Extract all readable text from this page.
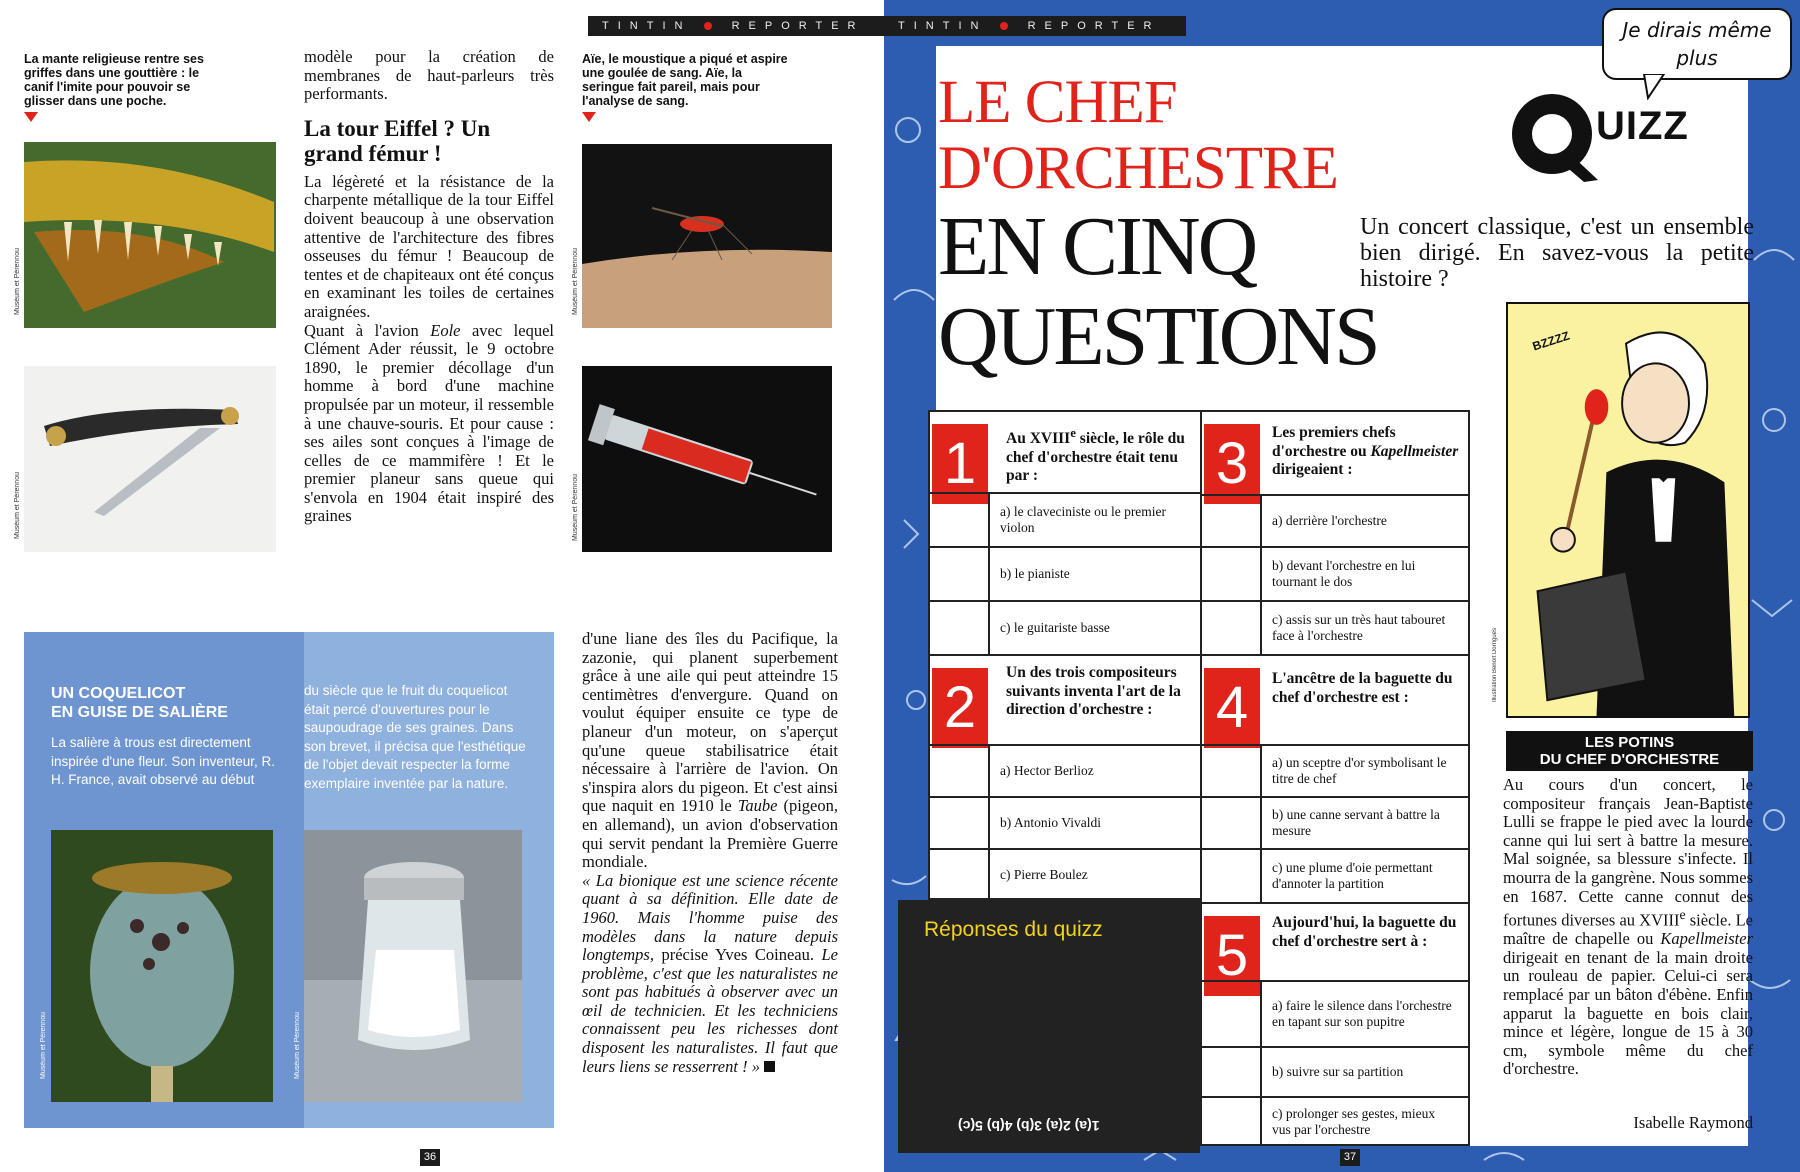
TINTIN	REPORTER
La mante religieuse rentre ses griffes dans une gouttière : le canif l'imite pour pouvoir se glisser dans une poche.
Muséum et Pérennou
Muséum et Pérennou

modèle pour la création de membranes de haut-parleurs très performants.

La tour Eiffel ? Un grand fémur !

La légèreté et la résistance de la charpente métallique de la tour Eiffel doivent beaucoup à une observation attentive de l'architecture des fibres osseuses du fémur ! Beaucoup de tentes et de chapiteaux ont été conçus en examinant les toiles de certaines araignées.

Quant à l'avion Eole avec lequel Clément Ader réussit, le 9 octobre 1890, le premier décollage d'un homme à bord d'une machine propulsée par un moteur, il ressemble à une chauve-souris. Et pour cause : ses ailes sont conçues à l'image de celles de ce mammifère ! Et le premier planeur sans queue qui s'envola en 1904 était inspiré des graines

Aïe, le moustique a piqué et aspire une goulée de sang. Aïe, la seringue fait pareil, mais pour l'analyse de sang.
Muséum et Pérennou
Muséum et Pérennou

d'une liane des îles du Pacifique, la zazonie, qui planent superbement grâce à une aile qui peut atteindre 15 centimètres d'envergure. Quand on voulut équiper ensuite ce type de planeur d'un moteur, on s'aperçut qu'une queue stabilisatrice était nécessaire à l'arrière de l'avion. On s'inspira alors du pigeon. Et c'est ainsi que naquit en 1910 le Taube (pigeon, en allemand), un avion d'observation qui servit pendant la Première Guerre mondiale.

« La bionique est une science récente quant à sa définition. Elle date de 1960. Mais l'homme puise des modèles dans la nature depuis longtemps, précise Yves Coineau. Le problème, c'est que les naturalistes ne sont pas habitués à observer avec un œil de technicien. Et les techniciens connaissent peu les richesses dont disposent les naturalistes. Il faut que leurs liens se resserrent ! »

UN COQUELICOT
EN GUISE DE SALIÈRE
La salière à trous est directement inspirée d'une fleur. Son inventeur, R. H. France, avait observé au début
du siècle que le fruit du coquelicot était percé d'ouvertures pour le saupoudrage de ses graines. Dans son brevet, il précisa que l'esthétique de l'objet devait respecter la forme exemplaire inventée par la nature.
Muséum et Pérennou	Muséum et Pérennou
36
TINTIN	REPORTER
LE CHEF
D'ORCHESTRE
EN CINQ
QUESTIONS
Je dirais même plus
UIZZ
Un concert classique, c'est un ensemble bien dirigé. En savez-vous la petite histoire ?
BZZZZ
Illustration Benoît Dorrigues
LES POTINS
DU CHEF D'ORCHESTRE
Au cours d'un concert, le compositeur français Jean-Baptiste Lulli se frappe le pied avec la lourde canne qui lui sert à battre la mesure. Mal soignée, sa blessure s'infecte. Il mourra de la gangrène. Nous sommes en 1687. Cette canne connut des fortunes diverses au XVIIIe siècle. Le maître de chapelle ou Kapellmeister dirigeait en tenant de la main droite un rouleau de papier. Celui-ci sera remplacé par un bâton d'ébène. Enfin apparut la baguette en bois clair, mince et légère, longue de 15 à 30 cm, symbole même du chef d'orchestre.
Isabelle Raymond
1	Au XVIIIe siècle, le rôle du chef d'orchestre était tenu par :
a) le claveciniste ou le premier violon
b) le pianiste
c) le guitariste basse
2
Un des trois compositeurs suivants inventa l'art de la direction d'orchestre :
a) Hector Berlioz
b) Antonio Vivaldi
c) Pierre Boulez
Réponses du quizz
1(a) 2(a) 3(b) 4(b) 5(c)
3	Les premiers chefs d'orchestre ou Kapellmeister dirigeaient :
a) derrière l'orchestre
b) devant l'orchestre en lui tournant le dos
c) assis sur un très haut tabouret face à l'orchestre
4	L'ancêtre de la baguette du chef d'orchestre est :
a) un sceptre d'or symbolisant le titre de chef
b) une canne servant à battre la mesure
c) une plume d'oie permettant d'annoter la partition
5
Aujourd'hui, la baguette du chef d'orchestre sert à :
a) faire le silence dans l'orchestre en tapant sur son pupitre
b) suivre sur sa partition
c) prolonger ses gestes, mieux vus par l'orchestre
37
